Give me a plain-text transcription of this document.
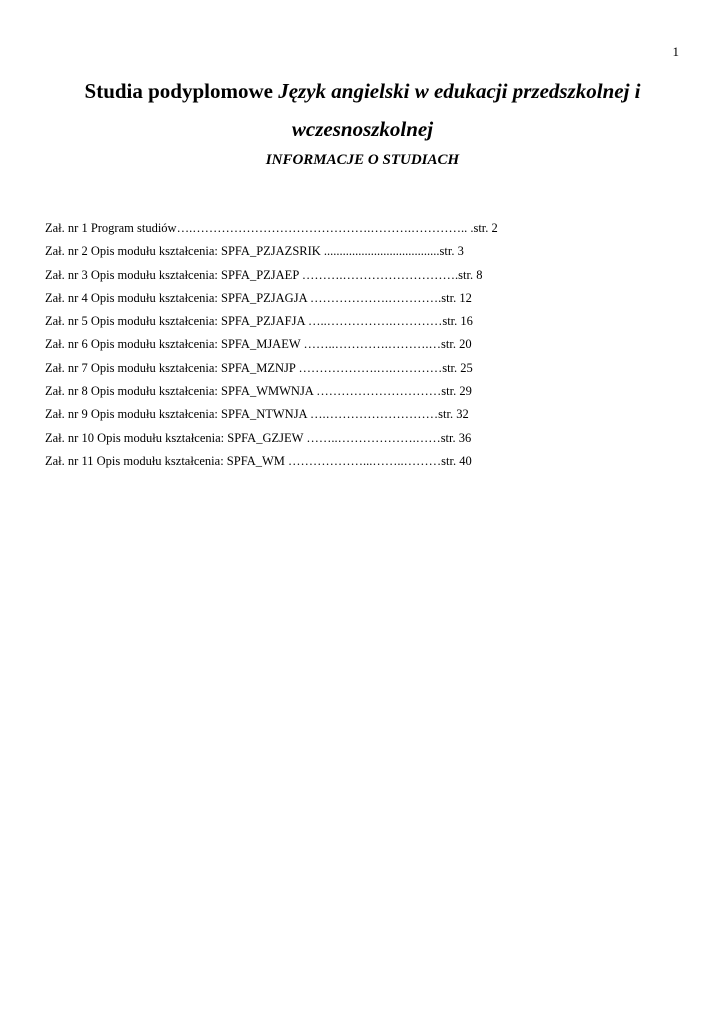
1
Studia podyplomowe Język angielski w edukacji przedszkolnej i
wczesnoszkolnej
INFORMACJE O STUDIACH
Zał. nr 1 Program studiów….…………………………………….……….………….. .str. 2
Zał. nr 2 Opis modułu kształcenia: SPFA_PZJAZSRIK .....................................str. 3
Zał. nr 3 Opis modułu kształcenia: SPFA_PZJAEP ……….……………………….str. 8
Zał. nr 4 Opis modułu kształcenia: SPFA_PZJAGJA ……………….………….str. 12
Zał. nr 5 Opis modułu kształcenia: SPFA_PZJAFJA …..…………….…………str. 16
Zał. nr 6 Opis modułu kształcenia: SPFA_MJAEW ……..………….……….…str. 20
Zał. nr 7 Opis modułu kształcenia: SPFA_MZNJP ……………….….…………str. 25
Zał. nr 8 Opis modułu kształcenia: SPFA_WMWNJA …………………………str. 29
Zał. nr 9 Opis modułu kształcenia: SPFA_NTWNJA ….………………………str. 32
Zał. nr 10 Opis modułu kształcenia: SPFA_GZJEW ……..……………….……str. 36
Zał. nr 11 Opis modułu kształcenia: SPFA_WM ………………...……..………str. 40
